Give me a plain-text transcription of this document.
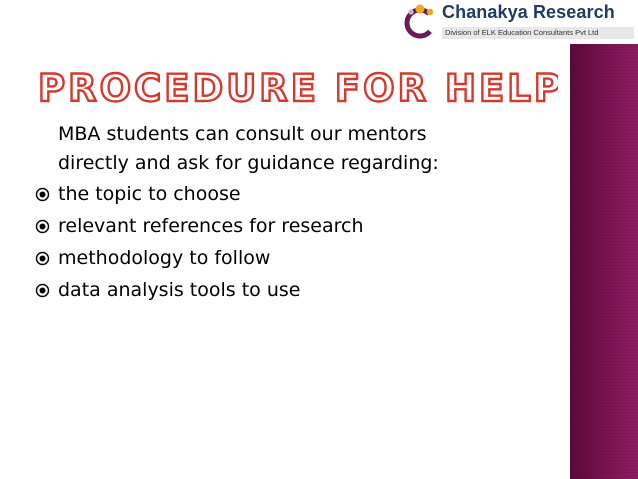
Chanakya Research
Division of ELK Education Consultants Pvt Ltd
PROCEDURE FOR HELP
MBA students can consult our mentors
directly and ask for guidance regarding:
the topic to choose
relevant references for research
methodology to follow
data analysis tools to use
